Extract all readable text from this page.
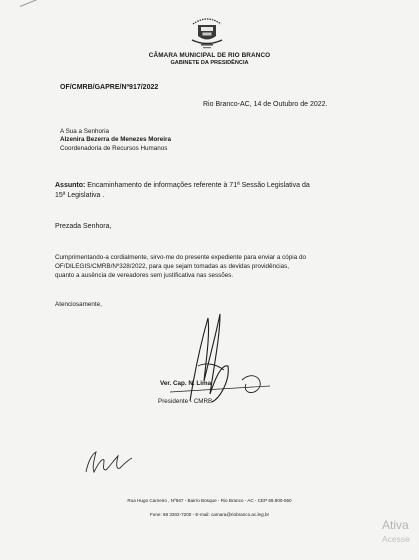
CÂMARA MUNICIPAL DE RIO BRANCO
GABINETE DA PRESIDÊNCIA
OF/CMRB/GAPRE/Nº917/2022
Rio Branco-AC, 14 de Outubro de 2022.
A Sua a Senhoria
Alzenira Bezerra de Menezes Moreira
Coordenadoria de Recursos Humanos
Assunto: Encaminhamento de informações referente à 71ª Sessão Legislativa da
15ª Legislativa .
Prezada Senhora,
Cumprimentando-a cordialmente, sirvo-me do presente expediente para enviar a cópia do
OF/DILEGIS/CMRB/Nº328/2022, para que sejam tomadas as devidas providências,
quanto a ausência de vereadores sem justificativa nas sessões.
Atenciosamente,
Ver. Cap. N. Lima
Presidente - CMRB
Rua Hugo Carneiro , Nº567 - Bairro Bosque - Rio Branco - AC - CEP 69.900-550
Fone: 68 3302-7200 - E-mail: camara@riobranco.ac.leg.br
Ativa
Acesse
